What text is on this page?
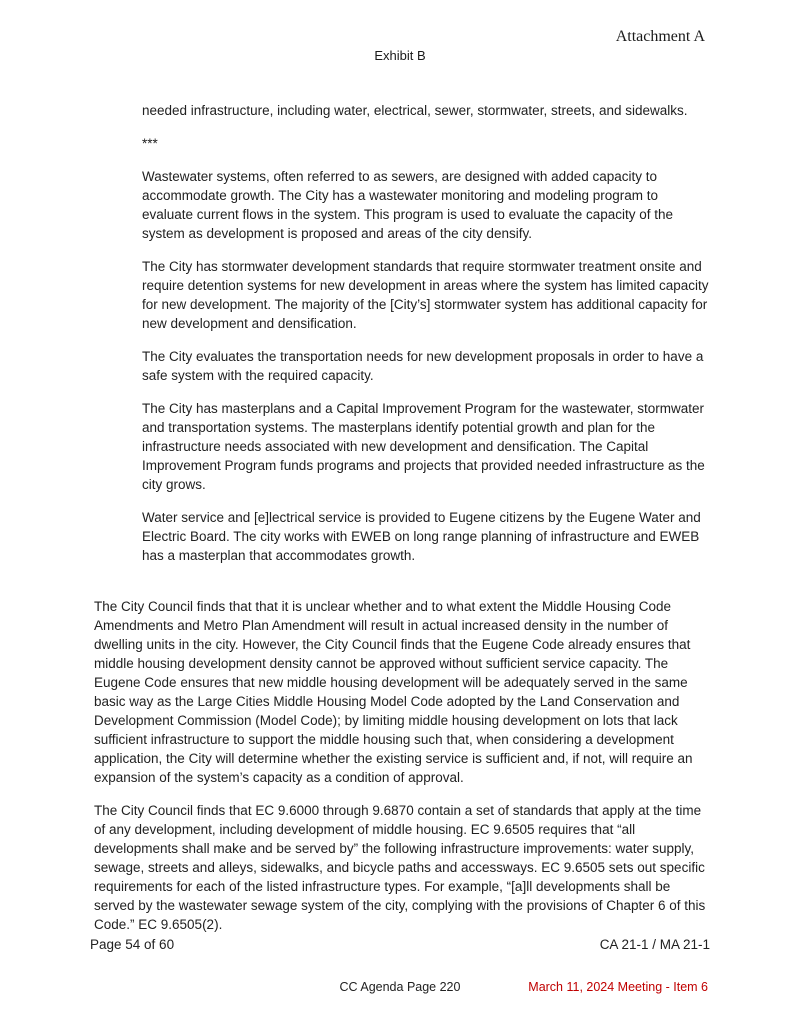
Attachment A
Exhibit B

needed infrastructure, including water, electrical, sewer, stormwater, streets, and sidewalks.

***

Wastewater systems, often referred to as sewers, are designed with added capacity to accommodate growth. The City has a wastewater monitoring and modeling program to evaluate current flows in the system. This program is used to evaluate the capacity of the system as development is proposed and areas of the city densify.

The City has stormwater development standards that require stormwater treatment onsite and require detention systems for new development in areas where the system has limited capacity for new development. The majority of the [City’s] stormwater system has additional capacity for new development and densification.

The City evaluates the transportation needs for new development proposals in order to have a safe system with the required capacity.

The City has masterplans and a Capital Improvement Program for the wastewater, stormwater and transportation systems. The masterplans identify potential growth and plan for the infrastructure needs associated with new development and densification. The Capital Improvement Program funds programs and projects that provided needed infrastructure as the city grows.

Water service and [e]lectrical service is provided to Eugene citizens by the Eugene Water and Electric Board. The city works with EWEB on long range planning of infrastructure and EWEB has a masterplan that accommodates growth.

The City Council finds that that it is unclear whether and to what extent the Middle Housing Code Amendments and Metro Plan Amendment will result in actual increased density in the number of dwelling units in the city. However, the City Council finds that the Eugene Code already ensures that middle housing development density cannot be approved without sufficient service capacity. The Eugene Code ensures that new middle housing development will be adequately served in the same basic way as the Large Cities Middle Housing Model Code adopted by the Land Conservation and Development Commission (Model Code); by limiting middle housing development on lots that lack sufficient infrastructure to support the middle housing such that, when considering a development application, the City will determine whether the existing service is sufficient and, if not, will require an expansion of the system’s capacity as a condition of approval.

The City Council finds that EC 9.6000 through 9.6870 contain a set of standards that apply at the time of any development, including development of middle housing. EC 9.6505 requires that “all developments shall make and be served by” the following infrastructure improvements: water supply, sewage, streets and alleys, sidewalks, and bicycle paths and accessways. EC 9.6505 sets out specific requirements for each of the listed infrastructure types. For example, “[a]ll developments shall be served by the wastewater sewage system of the city, complying with the provisions of Chapter 6 of this Code.” EC 9.6505(2).

Page 54 of 60	CA 21-1 / MA 21-1
CC Agenda Page 220	March 11, 2024 Meeting - Item 6
